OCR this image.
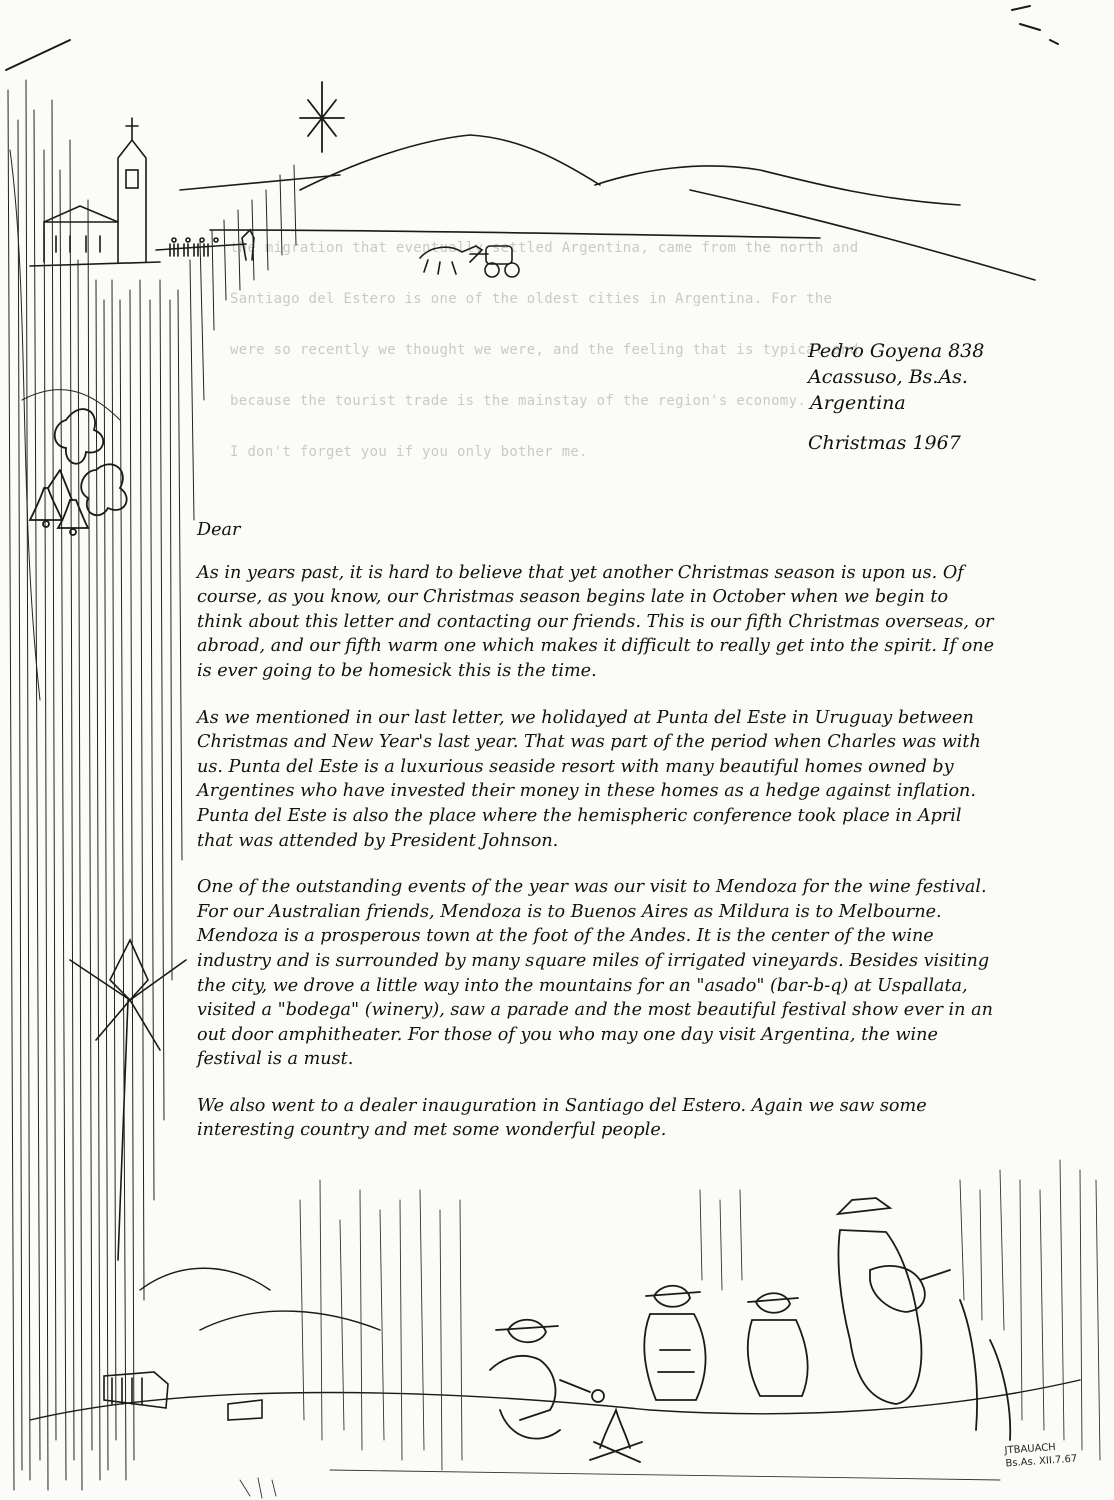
the migration that eventually settled Argentina, came from the north and

Santiago del Estero is one of the oldest cities in Argentina. For the

were so recently we thought we were, and the feeling that is typical and

because the tourist trade is the mainstay of the region's economy.

I don't forget you if you only bother me.

Pedro Goyena 838
Acassuso, Bs.As.
Argentina
Christmas 1967

Dear

As in years past, it is hard to believe that yet another Christmas season is upon us. Of course, as you know, our Christmas season begins late in October when we begin to think about this letter and contacting our friends. This is our fifth Christmas overseas, or abroad, and our fifth warm one which makes it difficult to really get into the spirit. If one is ever going to be homesick this is the time.

As we mentioned in our last letter, we holidayed at Punta del Este in Uruguay between Christmas and New Year's last year. That was part of the period when Charles was with us. Punta del Este is a luxurious seaside resort with many beautiful homes owned by Argentines who have invested their money in these homes as a hedge against inflation. Punta del Este is also the place where the hemispheric conference took place in April that was attended by President Johnson.

One of the outstanding events of the year was our visit to Mendoza for the wine festival. For our Australian friends, Mendoza is to Buenos Aires as Mildura is to Melbourne. Mendoza is a prosperous town at the foot of the Andes. It is the center of the wine industry and is surrounded by many square miles of irrigated vineyards. Besides visiting the city, we drove a little way into the mountains for an "asado" (bar-b-q) at Uspallata, visited a "bodega" (winery), saw a parade and the most beautiful festival show ever in an out door amphitheater. For those of you who may one day visit Argentina, the wine festival is a must.

We also went to a dealer inauguration in Santiago del Estero. Again we saw some interesting country and met some wonderful people.

JTBAUACH
Bs.As. XII.7.67
